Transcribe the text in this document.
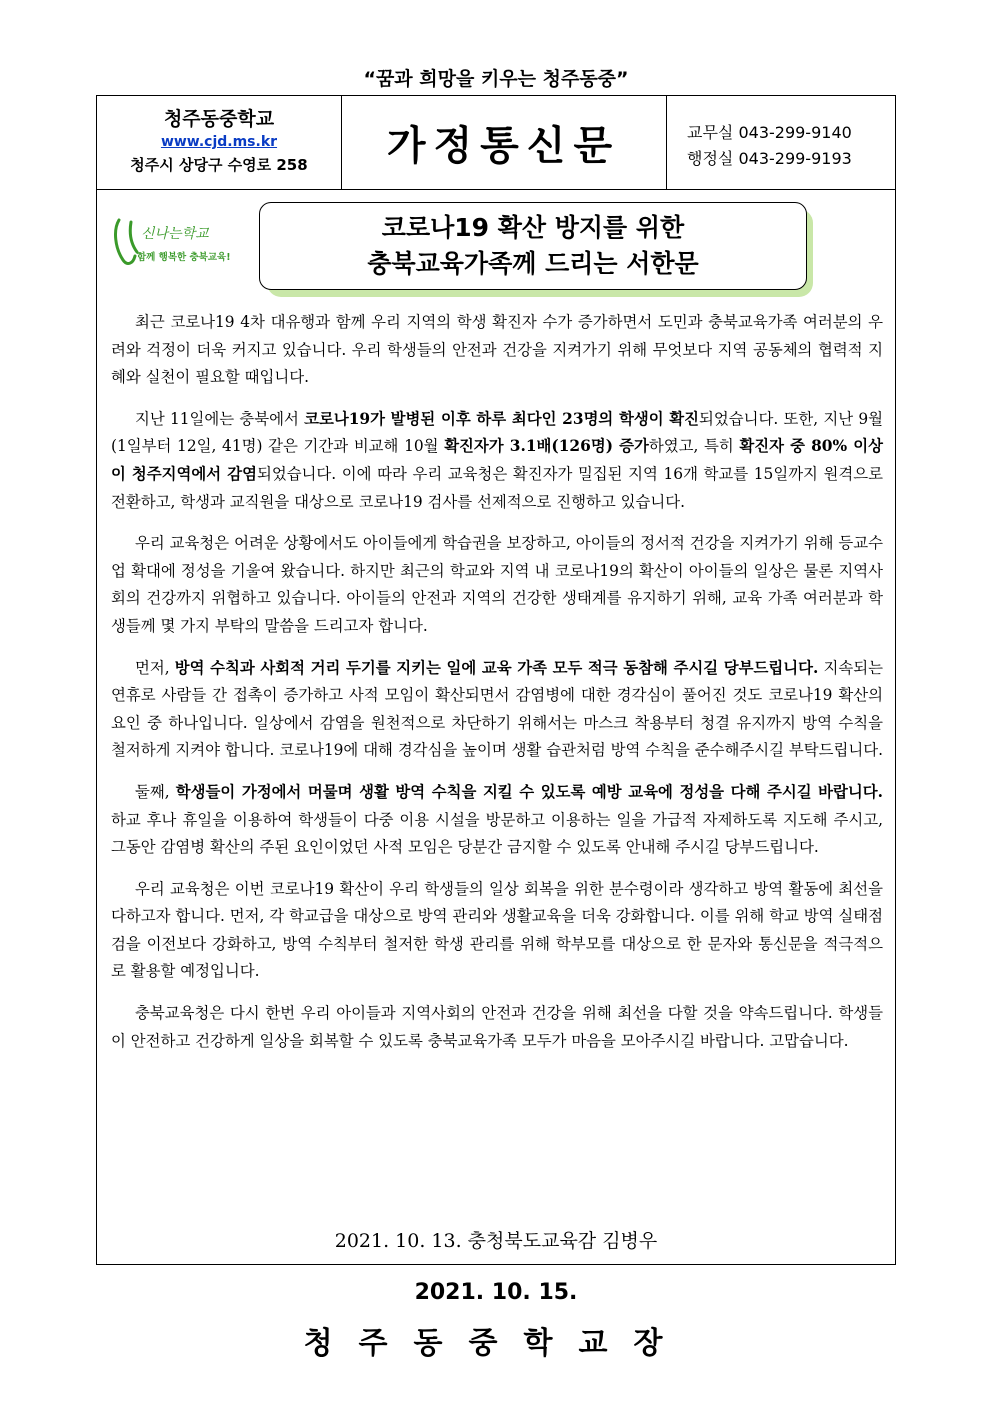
“꿈과 희망을 키우는 청주동중”
청주동중학교
www.cjd.ms.kr
청주시 상당구 수영로 258	가정통신문	교무실 043-299-9140
행정실 043-299-9193
신나는학교
함께 행복한 충북교육!
코로나19 확산 방지를 위한
충북교육가족께 드리는 서한문

최근 코로나19 4차 대유행과 함께 우리 지역의 학생 확진자 수가 증가하면서 도민과 충북교육가족 여러분의 우려와 걱정이 더욱 커지고 있습니다. 우리 학생들의 안전과 건강을 지켜가기 위해 무엇보다 지역 공동체의 협력적 지혜와 실천이 필요할 때입니다.

지난 11일에는 충북에서 코로나19가 발병된 이후 하루 최다인 23명의 학생이 확진되었습니다. 또한, 지난 9월(1일부터 12일, 41명) 같은 기간과 비교해 10월 확진자가 3.1배(126명) 증가하였고, 특히 확진자 중 80% 이상이 청주지역에서 감염되었습니다. 이에 따라 우리 교육청은 확진자가 밀집된 지역 16개 학교를 15일까지 원격으로 전환하고, 학생과 교직원을 대상으로 코로나19 검사를 선제적으로 진행하고 있습니다.

우리 교육청은 어려운 상황에서도 아이들에게 학습권을 보장하고, 아이들의 정서적 건강을 지켜가기 위해 등교수업 확대에 정성을 기울여 왔습니다. 하지만 최근의 학교와 지역 내 코로나19의 확산이 아이들의 일상은 물론 지역사회의 건강까지 위협하고 있습니다. 아이들의 안전과 지역의 건강한 생태계를 유지하기 위해, 교육 가족 여러분과 학생들께 몇 가지 부탁의 말씀을 드리고자 합니다.

먼저, 방역 수칙과 사회적 거리 두기를 지키는 일에 교육 가족 모두 적극 동참해 주시길 당부드립니다. 지속되는 연휴로 사람들 간 접촉이 증가하고 사적 모임이 확산되면서 감염병에 대한 경각심이 풀어진 것도 코로나19 확산의 요인 중 하나입니다. 일상에서 감염을 원천적으로 차단하기 위해서는 마스크 착용부터 청결 유지까지 방역 수칙을 철저하게 지켜야 합니다. 코로나19에 대해 경각심을 높이며 생활 습관처럼 방역 수칙을 준수해주시길 부탁드립니다.

둘째, 학생들이 가정에서 머물며 생활 방역 수칙을 지킬 수 있도록 예방 교육에 정성을 다해 주시길 바랍니다. 하교 후나 휴일을 이용하여 학생들이 다중 이용 시설을 방문하고 이용하는 일을 가급적 자제하도록 지도해 주시고, 그동안 감염병 확산의 주된 요인이었던 사적 모임은 당분간 금지할 수 있도록 안내해 주시길 당부드립니다.

우리 교육청은 이번 코로나19 확산이 우리 학생들의 일상 회복을 위한 분수령이라 생각하고 방역 활동에 최선을 다하고자 합니다. 먼저, 각 학교급을 대상으로 방역 관리와 생활교육을 더욱 강화합니다. 이를 위해 학교 방역 실태점검을 이전보다 강화하고, 방역 수칙부터 철저한 학생 관리를 위해 학부모를 대상으로 한 문자와 통신문을 적극적으로 활용할 예정입니다.

충북교육청은 다시 한번 우리 아이들과 지역사회의 안전과 건강을 위해 최선을 다할 것을 약속드립니다. 학생들이 안전하고 건강하게 일상을 회복할 수 있도록 충북교육가족 모두가 마음을 모아주시길 바랍니다. 고맙습니다.

2021. 10. 13. 충청북도교육감 김병우
2021. 10. 15.
청주동중학교장
